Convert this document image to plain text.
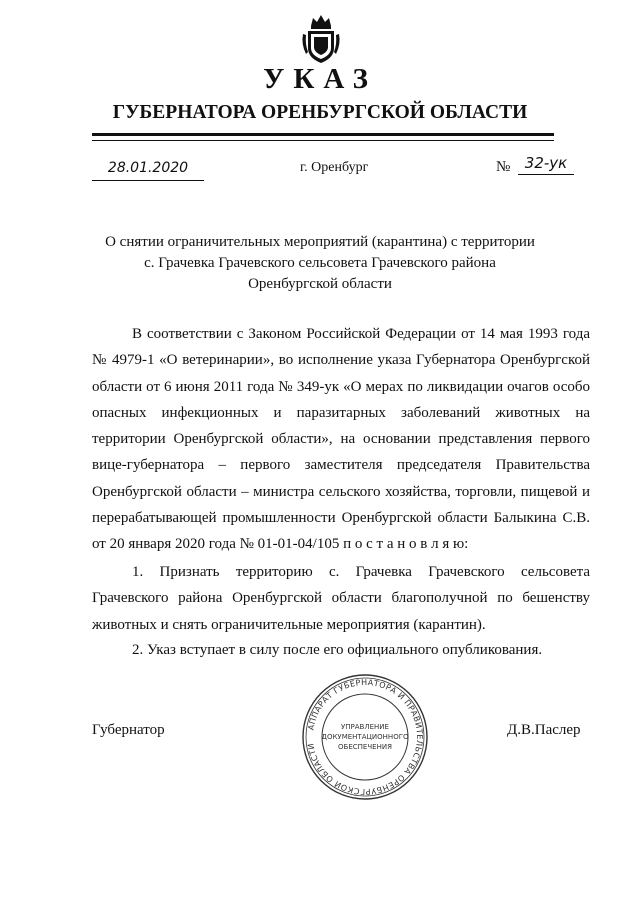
УКАЗ
ГУБЕРНАТОРА ОРЕНБУРГСКОЙ ОБЛАСТИ
28.01.2020	г. Оренбург	№ 32-ук
О снятии ограничительных мероприятий (карантина) с территории с. Грачевка Грачевского сельсовета Грачевского района Оренбургской области
В соответствии с Законом Российской Федерации от 14 мая 1993 года № 4979-1 «О ветеринарии», во исполнение указа Губернатора Оренбургской области от 6 июня 2011 года № 349-ук «О мерах по ликвидации очагов особо опасных инфекционных и паразитарных заболеваний животных на территории Оренбургской области», на основании представления первого вице-губернатора – первого заместителя председателя Правительства Оренбургской области – министра сельского хозяйства, торговли, пищевой и перерабатывающей промышленности Оренбургской области Балыкина С.В. от 20 января 2020 года № 01-01-04/105 п о с т а н о в л я ю:
1. Признать территорию с. Грачевка Грачевского сельсовета Грачевского района Оренбургской области благополучной по бешенству животных и снять ограничительные мероприятия (карантин).
2. Указ вступает в силу после его официального опубликования.
Губернатор	Д.В.Паслер
АППАРАТ ГУБЕРНАТОРА И ПРАВИТЕЛЬСТВА ОРЕНБУРГСКОЙ ОБЛАСТИ
УПРАВЛЕНИЕ
ДОКУМЕНТАЦИОННОГО
ОБЕСПЕЧЕНИЯ
